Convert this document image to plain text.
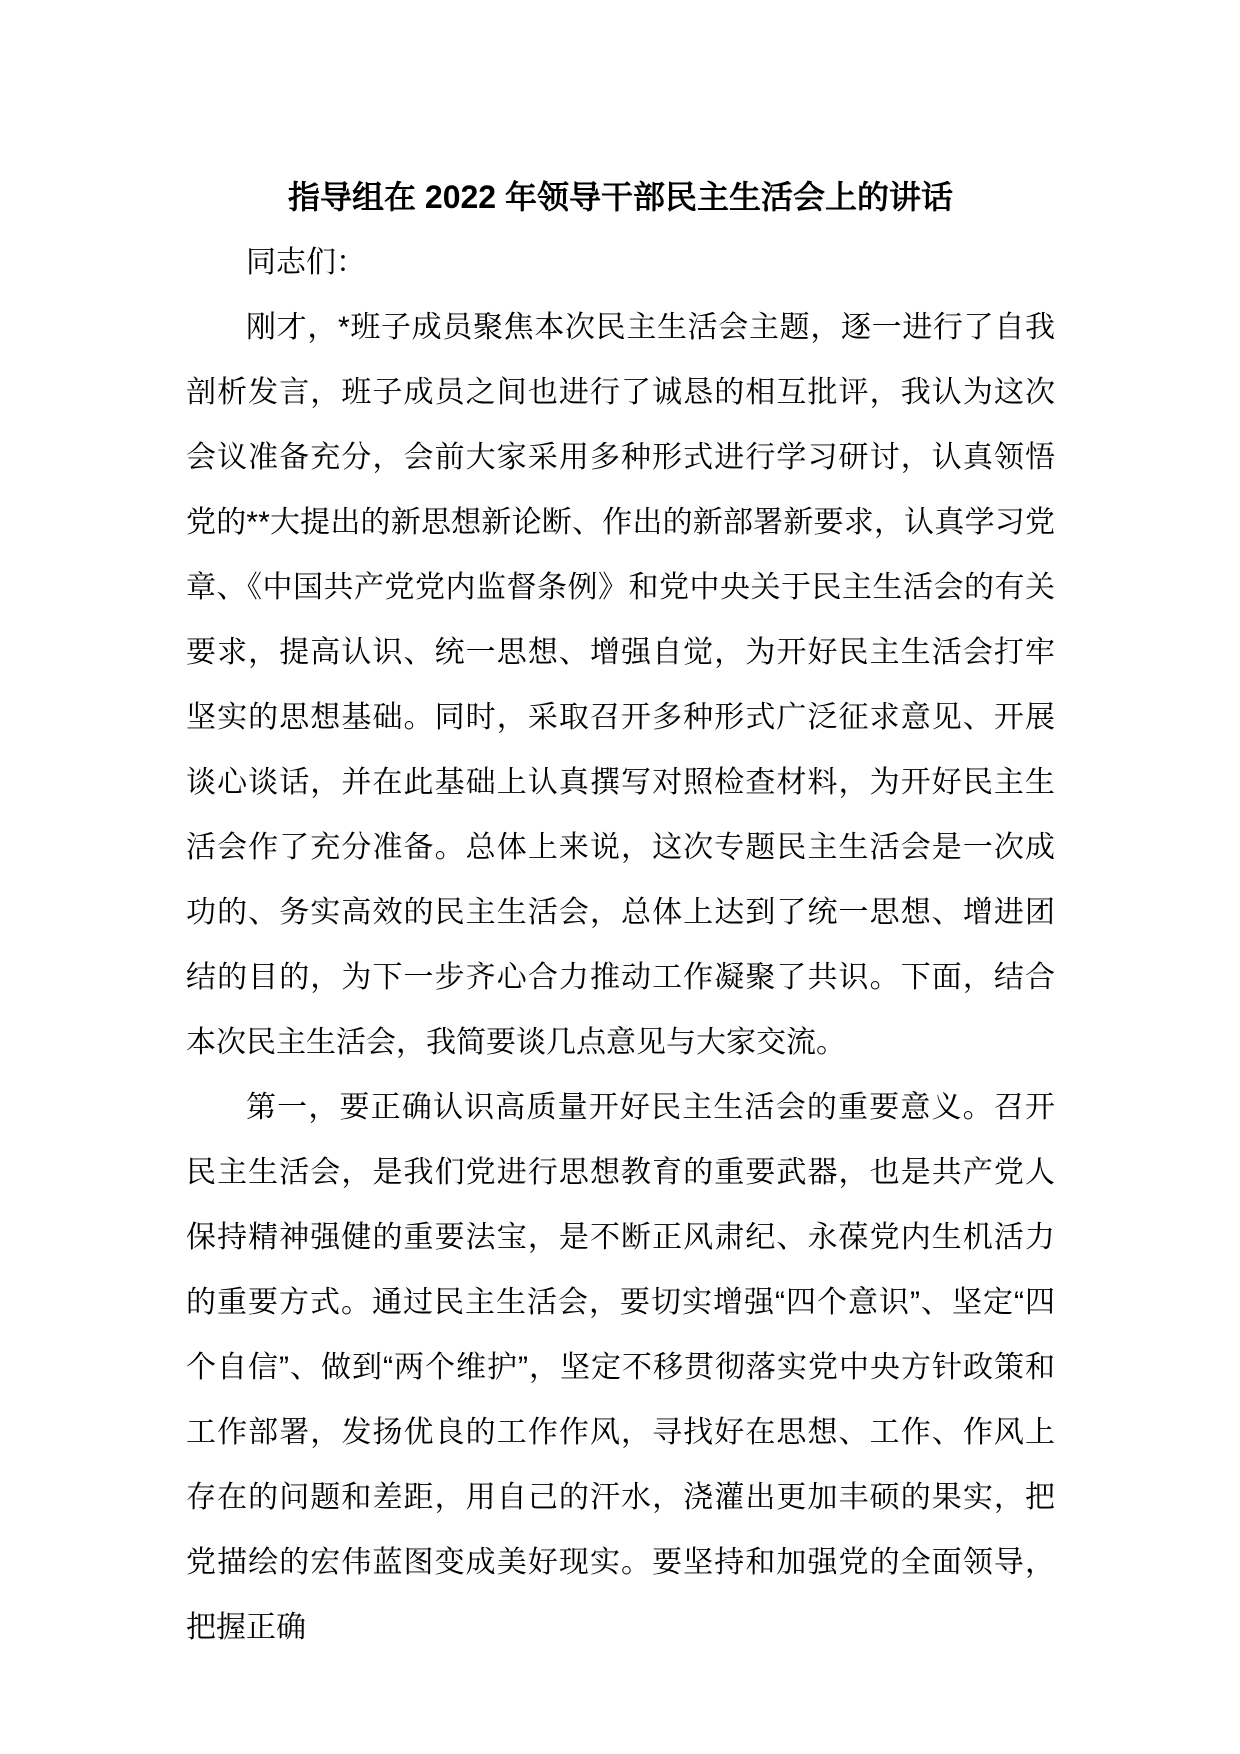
指导组在 2022 年领导干部民主生活会上的讲话

同志们：

刚才，*班子成员聚焦本次民主生活会主题，逐一进行了自我剖析发言，班子成员之间也进行了诚恳的相互批评，我认为这次会议准备充分，会前大家采用多种形式进行学习研讨，认真领悟党的**大提出的新思想新论断、作出的新部署新要求，认真学习党章、《中国共产党党内监督条例》和党中央关于民主生活会的有关要求，提高认识、统一思想、增强自觉，为开好民主生活会打牢坚实的思想基础。同时，采取召开多种形式广泛征求意见、开展谈心谈话，并在此基础上认真撰写对照检查材料，为开好民主生活会作了充分准备。总体上来说，这次专题民主生活会是一次成功的、务实高效的民主生活会，总体上达到了统一思想、增进团结的目的，为下一步齐心合力推动工作凝聚了共识。下面，结合本次民主生活会，我简要谈几点意见与大家交流。

第一，要正确认识高质量开好民主生活会的重要意义。召开民主生活会，是我们党进行思想教育的重要武器，也是共产党人保持精神强健的重要法宝，是不断正风肃纪、永葆党内生机活力的重要方式。通过民主生活会，要切实增强“四个意识”、坚定“四个自信”、做到“两个维护”，坚定不移贯彻落实党中央方针政策和工作部署，发扬优良的工作作风，寻找好在思想、工作、作风上存在的问题和差距，用自己的汗水，浇灌出更加丰硕的果实，把党描绘的宏伟蓝图变成美好现实。要坚持和加强党的全面领导，把握正确
